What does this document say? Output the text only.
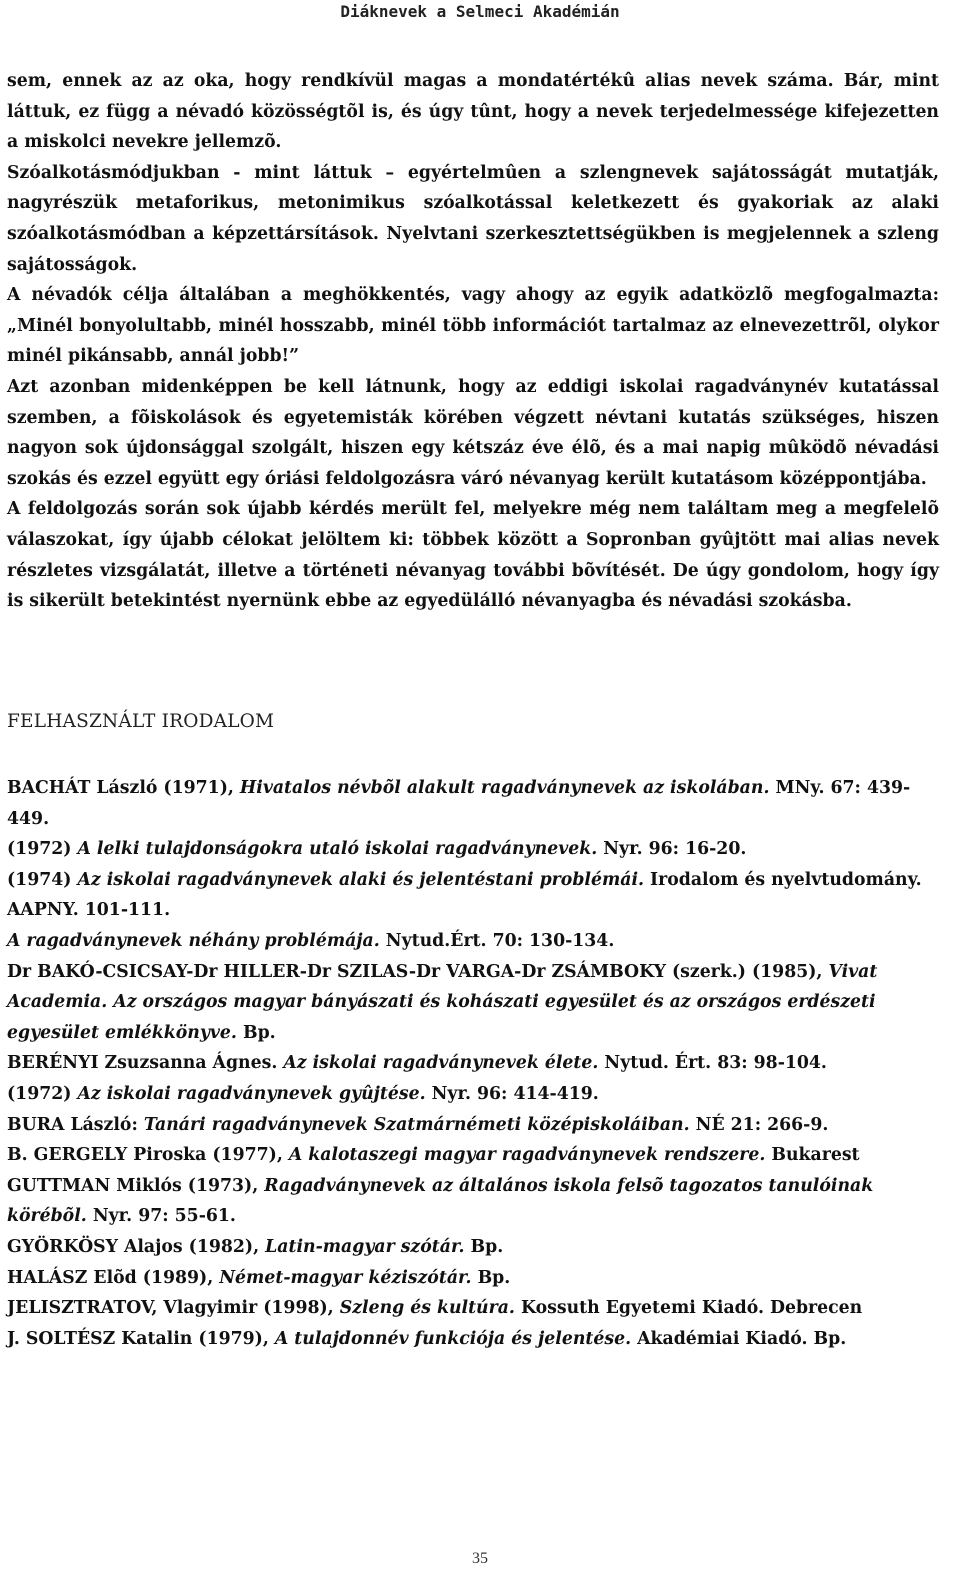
Diáknevek a Selmeci Akadémián

sem, ennek az az oka, hogy rendkívül magas a mondatértékû alias nevek száma. Bár, mint láttuk, ez függ a névadó közösségtõl is, és úgy tûnt, hogy a nevek terjedelmessége kifejezetten a miskolci nevekre jellemzõ.

Szóalkotásmódjukban - mint láttuk – egyértelmûen a szlengnevek sajátosságát mutatják, nagyrészük metaforikus, metonimikus szóalkotással keletkezett és gyakoriak az alaki szóalkotásmódban a képzettársítások. Nyelvtani szerkesztettségükben is megjelennek a szleng sajátosságok.

A névadók célja általában a meghökkentés, vagy ahogy az egyik adatközlõ megfogalmazta: „Minél bonyolultabb, minél hosszabb, minél több információt tartalmaz az elnevezettrõl, olykor minél pikánsabb, annál jobb!”

Azt azonban midenképpen be kell látnunk, hogy az eddigi iskolai ragadványnév kutatással szemben, a fõiskolások és egyetemisták körében végzett névtani kutatás szükséges, hiszen nagyon sok újdonsággal szolgált, hiszen egy kétszáz éve élõ, és a mai napig mûködõ névadási szokás és ezzel együtt egy óriási feldolgozásra váró névanyag került kutatásom középpontjába.

A feldolgozás során sok újabb kérdés merült fel, melyekre még nem találtam meg a megfelelõ válaszokat, így újabb célokat jelöltem ki: többek között a Sopronban gyûjtött mai alias nevek részletes vizsgálatát, illetve a történeti névanyag további bõvítését. De úgy gondolom, hogy így is sikerült betekintést nyernünk ebbe az egyedülálló névanyagba és névadási szokásba.

FELHASZNÁLT IRODALOM

BACHÁT László (1971), Hivatalos névbõl alakult ragadványnevek az iskolában. MNy. 67: 439-449.

(1972) A lelki tulajdonságokra utaló iskolai ragadványnevek. Nyr. 96: 16-20.

(1974) Az iskolai ragadványnevek alaki és jelentéstani problémái. Irodalom és nyelvtudomány. AAPNY. 101-111.

A ragadványnevek néhány problémája. Nytud.Ért. 70: 130-134.

Dr BAKÓ-CSICSAY-Dr HILLER-Dr SZILAS-Dr VARGA-Dr ZSÁMBOKY (szerk.) (1985), Vivat Academia. Az országos magyar bányászati és kohászati egyesület és az országos erdészeti egyesület emlékkönyve. Bp.

BERÉNYI Zsuzsanna Ágnes. Az iskolai ragadványnevek élete. Nytud. Ért. 83: 98-104.

(1972) Az iskolai ragadványnevek gyûjtése. Nyr. 96: 414-419.

BURA László: Tanári ragadványnevek Szatmárnémeti középiskoláiban. NÉ 21: 266-9.

B. GERGELY Piroska (1977), A kalotaszegi magyar ragadványnevek rendszere. Bukarest

GUTTMAN Miklós (1973), Ragadványnevek az általános iskola felsõ tagozatos tanulóinak körébõl. Nyr. 97: 55-61.

GYÖRKÖSY Alajos (1982), Latin-magyar szótár. Bp.

HALÁSZ Elõd (1989), Német-magyar kéziszótár. Bp.

JELISZTRATOV, Vlagyimir (1998), Szleng és kultúra. Kossuth Egyetemi Kiadó. Debrecen

J. SOLTÉSZ Katalin (1979), A tulajdonnév funkciója és jelentése. Akadémiai Kiadó. Bp.

35
